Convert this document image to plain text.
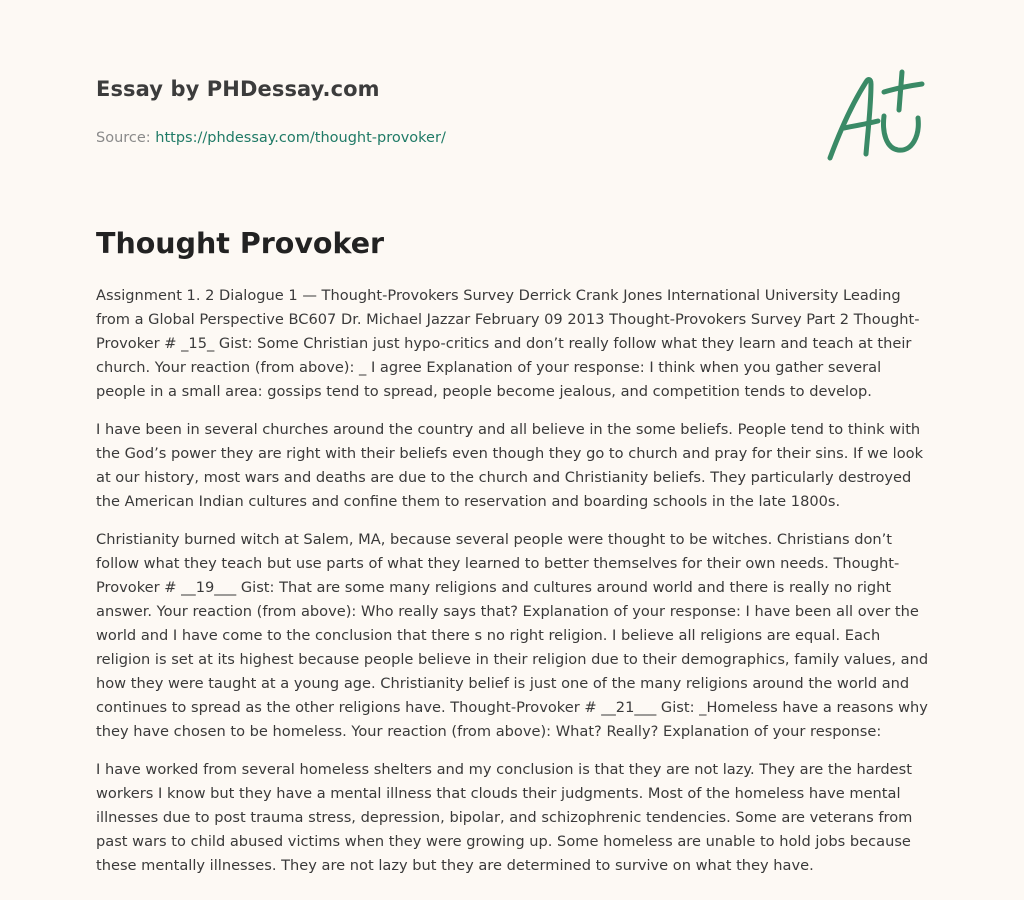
Essay by PHDessay.com
Source: https://phdessay.com/thought-provoker/
Thought Provoker

Assignment 1. 2 Dialogue 1 — Thought-Provokers Survey Derrick Crank Jones International University Leading from a Global Perspective BC607 Dr. Michael Jazzar February 09 2013 Thought-Provokers Survey Part 2 Thought-Provoker # _15_ Gist: Some Christian just hypo-critics and don’t really follow what they learn and teach at their church. Your reaction (from above): _ I agree Explanation of your response: I think when you gather several people in a small area: gossips tend to spread, people become jealous, and competition tends to develop.

I have been in several churches around the country and all believe in the some beliefs. People tend to think with the God’s power they are right with their beliefs even though they go to church and pray for their sins. If we look at our history, most wars and deaths are due to the church and Christianity beliefs. They particularly destroyed the American Indian cultures and confine them to reservation and boarding schools in the late 1800s.

Christianity burned witch at Salem, MA, because several people were thought to be witches. Christians don’t follow what they teach but use parts of what they learned to better themselves for their own needs. Thought-Provoker # __19___ Gist: That are some many religions and cultures around world and there is really no right answer. Your reaction (from above): Who really says that? Explanation of your response: I have been all over the world and I have come to the conclusion that there s no right religion. I believe all religions are equal. Each religion is set at its highest because people believe in their religion due to their demographics, family values, and how they were taught at a young age. Christianity belief is just one of the many religions around the world and continues to spread as the other religions have. Thought-Provoker # __21___ Gist: _Homeless have a reasons why they have chosen to be homeless. Your reaction (from above): What? Really? Explanation of your response:

I have worked from several homeless shelters and my conclusion is that they are not lazy. They are the hardest workers I know but they have a mental illness that clouds their judgments. Most of the homeless have mental illnesses due to post trauma stress, depression, bipolar, and schizophrenic tendencies. Some are veterans from past wars to child abused victims when they were growing up. Some homeless are unable to hold jobs because these mentally illnesses. They are not lazy but they are determined to survive on what they have.
